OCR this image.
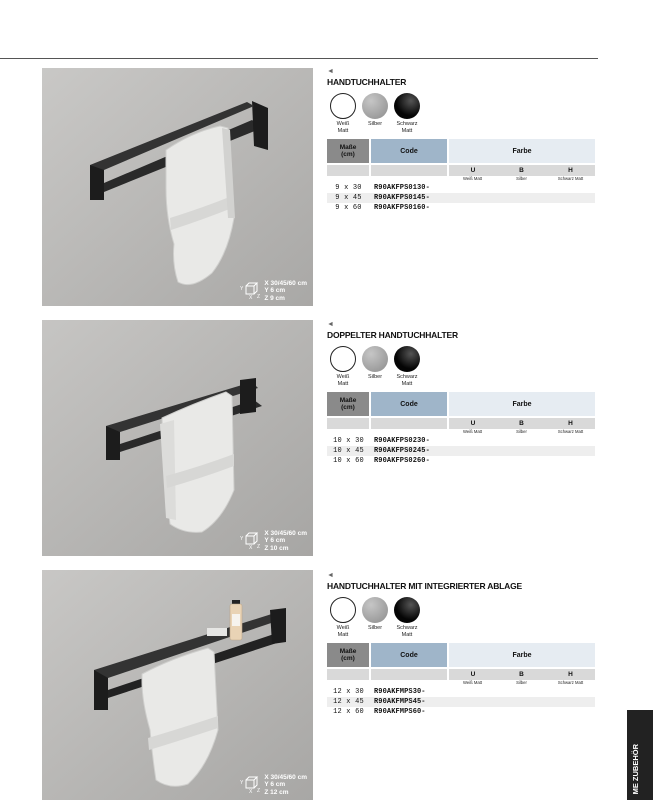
Y
Z
X
X 30/45/60 cm
Y 6 cm
Z 9 cm
Y
Z
X
X 30/45/60 cm
Y 6 cm
Z 10 cm
Y
Z
X
X 30/45/60 cm
Y 6 cm
Z 12 cm
◄
HANDTUCHHALTER
Weiß
Matt
Silber	Schwarz
Matt
Maße
(cm)	Code	Farbe		
		U	B	H
		Weiß Matt	Silber	Schwarz Matt
9 x 30	R90AKFPS0130-			
9 x 45	R90AKFPS0145-			
9 x 60	R90AKFPS0160-			
◄
DOPPELTER HANDTUCHHALTER
Weiß
Matt
Silber	Schwarz
Matt
Maße
(cm)	Code	Farbe		
		U	B	H
		Weiß Matt	Silber	Schwarz Matt
10 x 30	R90AKFPS0230-			
10 x 45	R90AKFPS0245-			
10 x 60	R90AKFPS0260-			
◄
HANDTUCHHALTER MIT INTEGRIERTER ABLAGE
Weiß
Matt
Silber	Schwarz
Matt
Maße
(cm)	Code	Farbe		
		U	B	H
		Weiß Matt	Silber	Schwarz Matt
12 x 30	R90AKFMPS30-			
12 x 45	R90AKFMPS45-			
12 x 60	R90AKFMPS60-			
ME ZUBEHÖR
